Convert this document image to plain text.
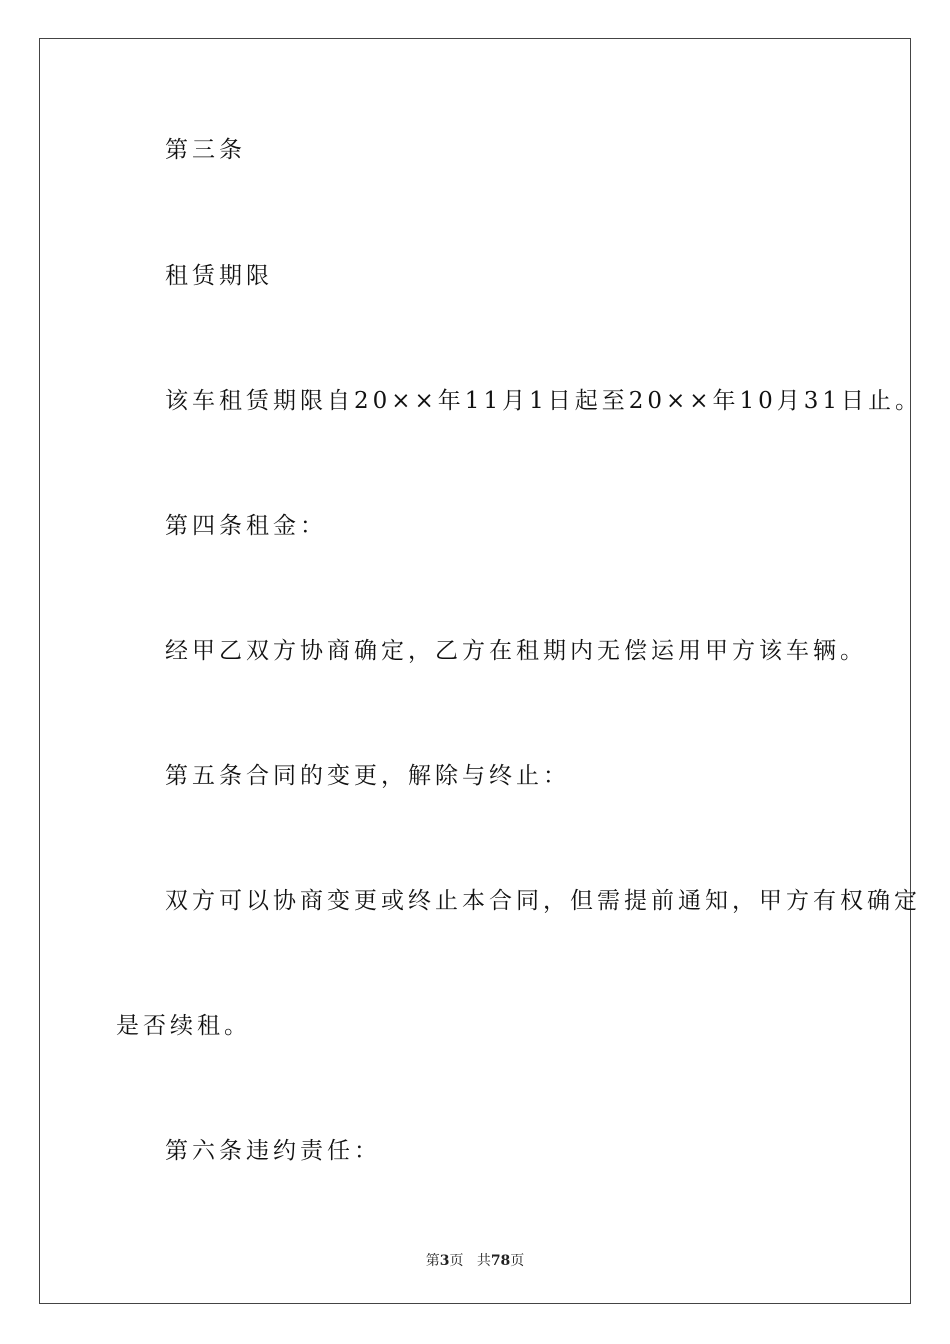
第三条
租赁期限
该车租赁期限自20××年11月1日起至20××年10月31日止。
第四条租金：
经甲乙双方协商确定，乙方在租期内无偿运用甲方该车辆。
第五条合同的变更，解除与终止：
双方可以协商变更或终止本合同，但需提前通知，甲方有权确定
是否续租。
第六条违约责任：
第3页 共78页
